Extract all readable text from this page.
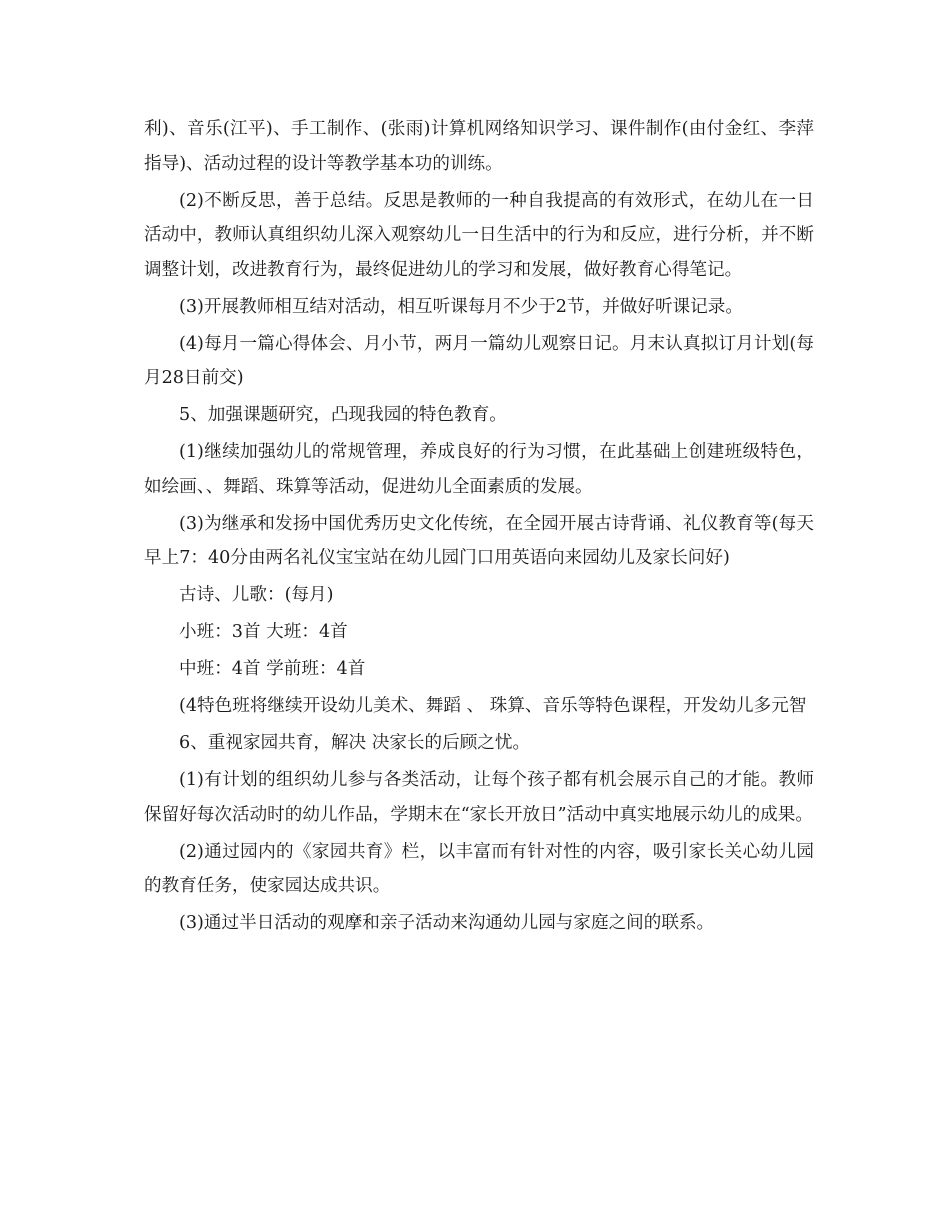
利)、音乐(江平)、手工制作、(张雨)计算机网络知识学习、课件制作(由付金红、李萍指导)、活动过程的设计等教学基本功的训练。

(2)不断反思，善于总结。反思是教师的一种自我提高的有效形式，在幼儿在一日活动中，教师认真组织幼儿深入观察幼儿一日生活中的行为和反应，进行分析，并不断调整计划，改进教育行为，最终促进幼儿的学习和发展，做好教育心得笔记。

(3)开展教师相互结对活动，相互听课每月不少于2节，并做好听课记录。

(4)每月一篇心得体会、月小节，两月一篇幼儿观察日记。月末认真拟订月计划(每月28日前交)

5、加强课题研究，凸现我园的特色教育。

(1)继续加强幼儿的常规管理，养成良好的行为习惯，在此基础上创建班级特色，如绘画、、舞蹈、珠算等活动，促进幼儿全面素质的发展。

(3)为继承和发扬中国优秀历史文化传统，在全园开展古诗背诵、礼仪教育等(每天早上7：40分由两名礼仪宝宝站在幼儿园门口用英语向来园幼儿及家长问好)

古诗、儿歌：(每月)

小班：3首 大班：4首

中班：4首 学前班：4首

(4特色班将继续开设幼儿美术、舞蹈 、 珠算、音乐等特色课程，开发幼儿多元智

6、重视家园共育，解决 决家长的后顾之忧。

(1)有计划的组织幼儿参与各类活动，让每个孩子都有机会展示自己的才能。教师保留好每次活动时的幼儿作品，学期末在“家长开放日”活动中真实地展示幼儿的成果。

(2)通过园内的《家园共育》栏，以丰富而有针对性的内容，吸引家长关心幼儿园的教育任务，使家园达成共识。

(3)通过半日活动的观摩和亲子活动来沟通幼儿园与家庭之间的联系。
